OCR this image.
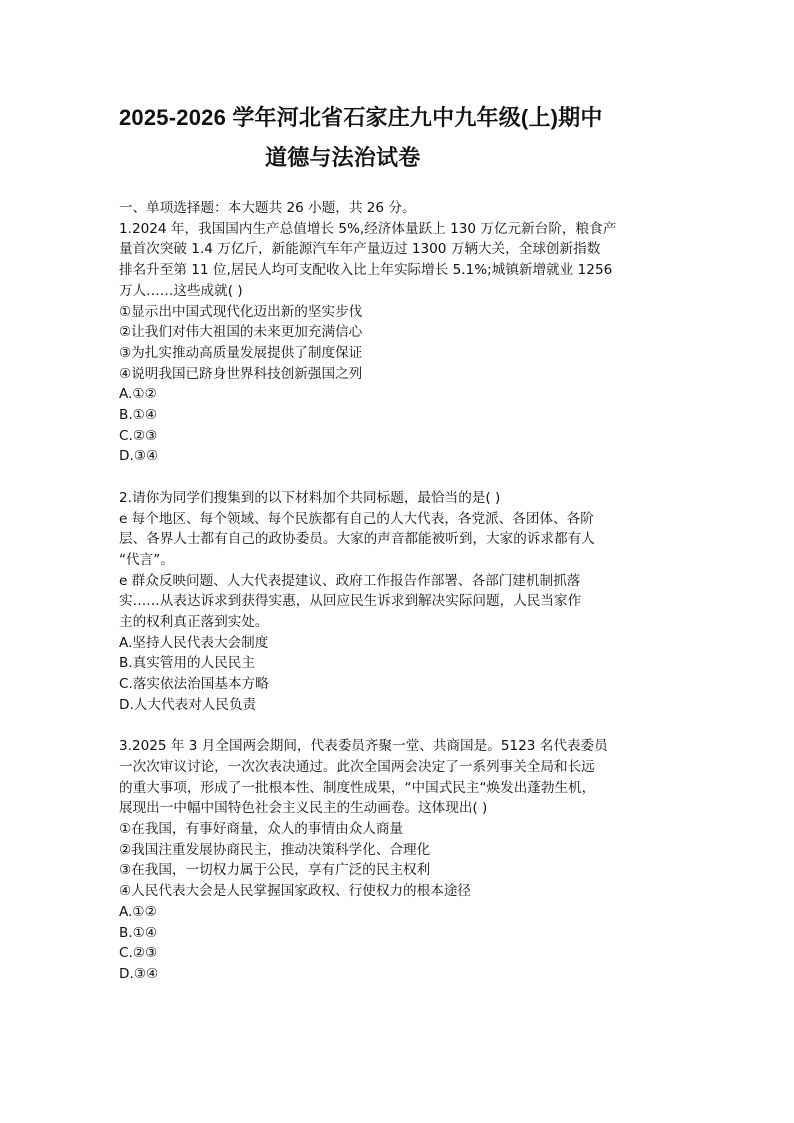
2025-2026 学年河北省石家庄九中九年级(上)期中
道德与法治试卷
一、单项选择题：本大题共 26 小题，共 26 分。

1.2024 年，我国国内生产总值增长 5%,经济体量跃上 130 万亿元新台阶，粮食产

量首次突破 1.4 万亿斤，新能源汽车年产量迈过 1300 万辆大关，全球创新指数

排名升至第 11 位,居民人均可支配收入比上年实际增长 5.1%;城镇新增就业 1256

万人……这些成就( )

①显示出中国式现代化迈出新的坚实步伐

②让我们对伟大祖国的未来更加充满信心

③为扎实推动高质量发展提供了制度保证

④说明我国已跻身世界科技创新强国之列

A.①②

B.①④

C.②③

D.③④

2.请你为同学们搜集到的以下材料加个共同标题，最恰当的是( )

e 每个地区、每个领域、每个民族都有自己的人大代表，各党派、各团体、各阶

层、各界人士都有自己的政协委员。大家的声音都能被听到，大家的诉求都有人

“代言”。

e 群众反映问题、人大代表提建议、政府工作报告作部署、各部门建机制抓落

实……从表达诉求到获得实惠，从回应民生诉求到解决实际问题，人民当家作

主的权利真正落到实处。

A.坚持人民代表大会制度

B.真实管用的人民民主

C.落实依法治国基本方略

D.人大代表对人民负责

3.2025 年 3 月全国两会期间，代表委员齐聚一堂、共商国是。5123 名代表委员

一次次审议讨论，一次次表决通过。此次全国两会决定了一系列事关全局和长远

的重大事项，形成了一批根本性、制度性成果，“中国式民主“焕发出蓬勃生机，

展现出一中幅中国特色社会主义民主的生动画卷。这体现出( )

①在我国，有事好商量，众人的事情由众人商量

②我国注重发展协商民主，推动决策科学化、合理化

③在我国，一切权力属于公民，享有广泛的民主权利

④人民代表大会是人民掌握国家政权、行使权力的根本途径

A.①②

B.①④

C.②③

D.③④
